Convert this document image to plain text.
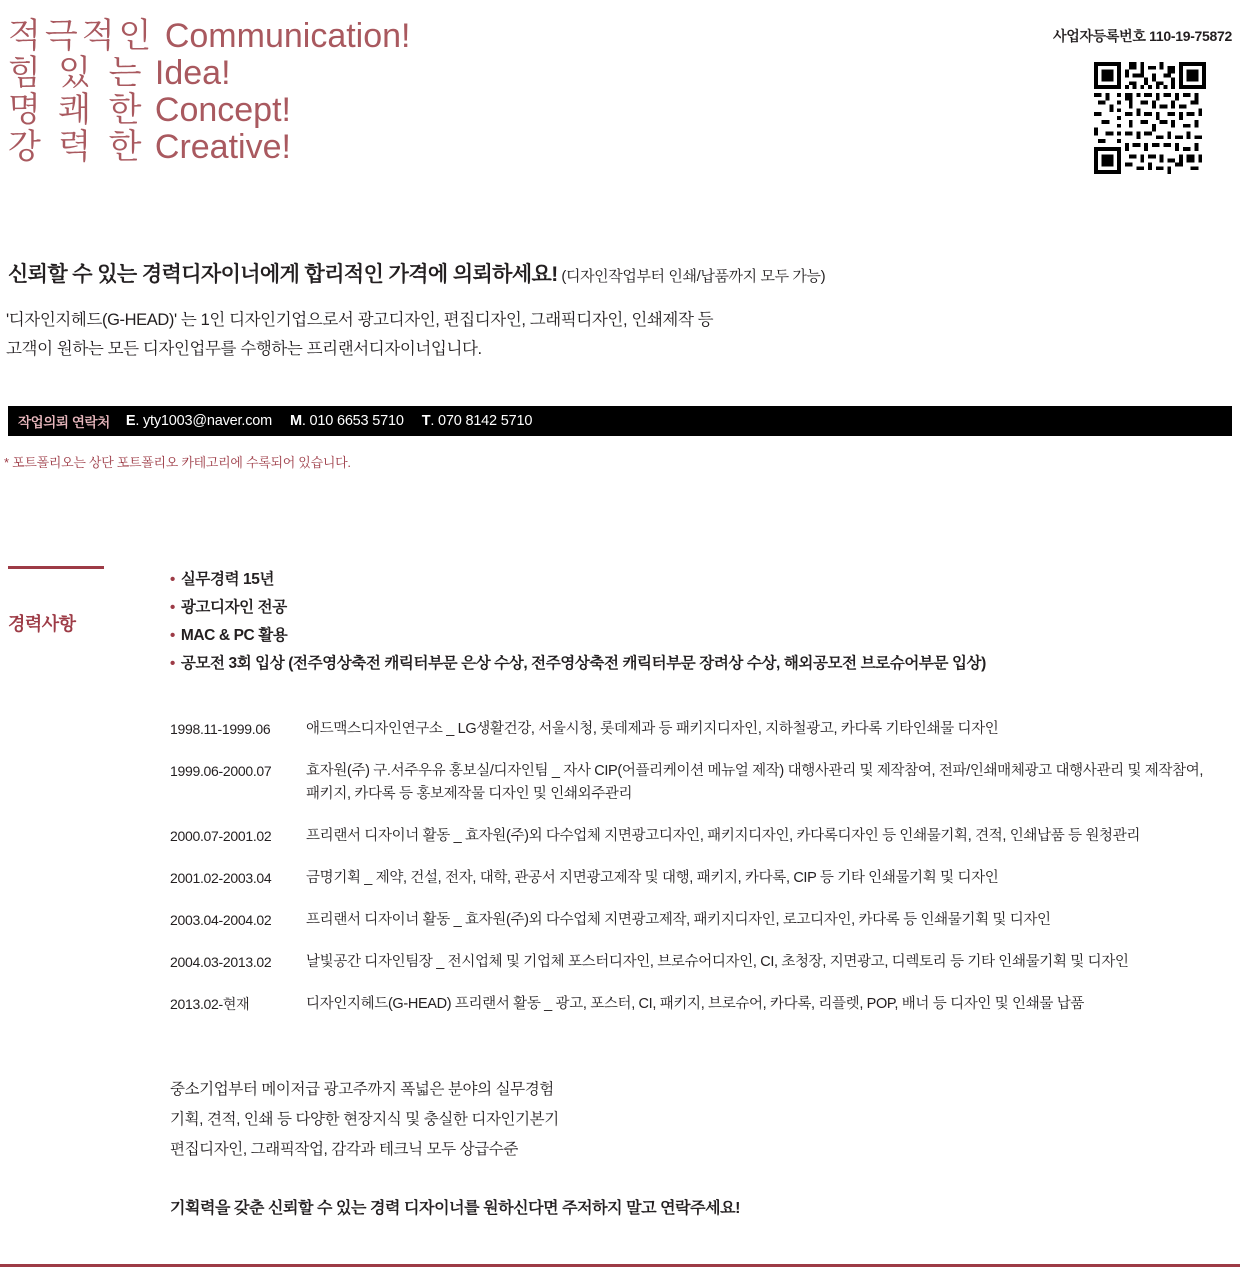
적극적인 Communication!
힘 있 는 Idea!
명 쾌 한 Concept!
강 력 한 Creative!
사업자등록번호 110-19-75872
신뢰할 수 있는 경력디자이너에게 합리적인 가격에 의뢰하세요! (디자인작업부터 인쇄/납품까지 모두 가능)
'디자인지헤드(G-HEAD)' 는 1인 디자인기업으로서 광고디자인, 편집디자인, 그래픽디자인, 인쇄제작 등
고객이 원하는 모든 디자인업무를 수행하는 프리랜서디자이너입니다.
작업의뢰 연락처 E. yty1003@naver.com M. 010 6653 5710 T. 070 8142 5710
* 포트폴리오는 상단 포트폴리오 카테고리에 수록되어 있습니다.
경력사항
• 실무경력 15년
• 광고디자인 전공
• MAC & PC 활용
• 공모전 3회 입상 (전주영상축전 캐릭터부문 은상 수상, 전주영상축전 캐릭터부문 장려상 수상, 해외공모전 브로슈어부문 입상)
1998.11-1999.06	애드맥스디자인연구소 _ LG생활건강, 서울시청, 롯데제과 등 패키지디자인, 지하철광고, 카다록 기타인쇄물 디자인
1999.06-2000.07	효자원(주) 구.서주우유 홍보실/디자인팀 _ 자사 CIP(어플리케이션 메뉴얼 제작) 대행사관리 및 제작참여, 전파/인쇄매체광고 대행사관리 및 제작참여, 패키지, 카다록 등 홍보제작물 디자인 및 인쇄외주관리
2000.07-2001.02	프리랜서 디자이너 활동 _ 효자원(주)외 다수업체 지면광고디자인, 패키지디자인, 카다록디자인 등 인쇄물기획, 견적, 인쇄납품 등 원청관리
2001.02-2003.04	금명기획 _ 제약, 건설, 전자, 대학, 관공서 지면광고제작 및 대행, 패키지, 카다록, CIP 등 기타 인쇄물기획 및 디자인
2003.04-2004.02	프리랜서 디자이너 활동 _ 효자원(주)외 다수업체 지면광고제작, 패키지디자인, 로고디자인, 카다록 등 인쇄물기획 및 디자인
2004.03-2013.02	날빛공간 디자인팀장 _ 전시업체 및 기업체 포스터디자인, 브로슈어디자인, CI, 초청장, 지면광고, 디렉토리 등 기타 인쇄물기획 및 디자인
2013.02-현재	디자인지헤드(G-HEAD) 프리랜서 활동 _ 광고, 포스터, CI, 패키지, 브로슈어, 카다록, 리플렛, POP, 배너 등 디자인 및 인쇄물 납품
중소기업부터 메이저급 광고주까지 폭넓은 분야의 실무경험
기획, 견적, 인쇄 등 다양한 현장지식 및 충실한 디자인기본기
편집디자인, 그래픽작업, 감각과 테크닉 모두 상급수준
기획력을 갖춘 신뢰할 수 있는 경력 디자이너를 원하신다면 주저하지 말고 연락주세요!
